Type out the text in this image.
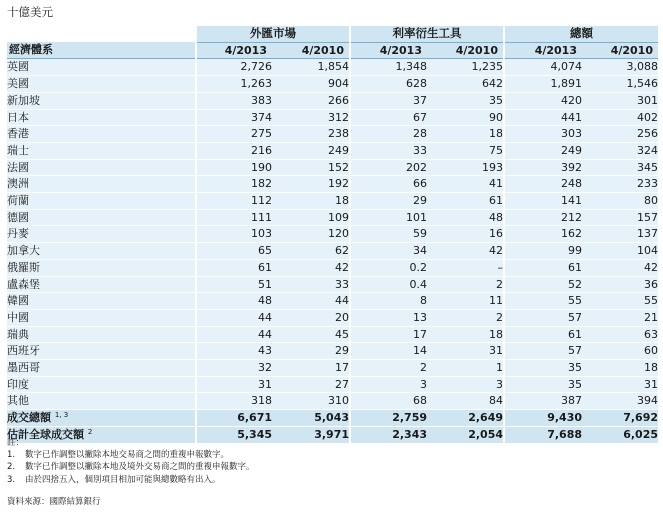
十億美元
	外匯市場		利率衍生工具		總額	
經濟體系	4/2013	4/2010	4/2013	4/2010	4/2013	4/2010
英國	2,726	1,854	1,348	1,235	4,074	3,088
美國	1,263	904	628	642	1,891	1,546
新加坡	383	266	37	35	420	301
日本	374	312	67	90	441	402
香港	275	238	28	18	303	256
瑞士	216	249	33	75	249	324
法國	190	152	202	193	392	345
澳洲	182	192	66	41	248	233
荷蘭	112	18	29	61	141	80
德國	111	109	101	48	212	157
丹麥	103	120	59	16	162	137
加拿大	65	62	34	42	99	104
俄羅斯	61	42	0.2	–	61	42
盧森堡	51	33	0.4	2	52	36
韓國	48	44	8	11	55	55
中國	44	20	13	2	57	21
瑞典	44	45	17	18	61	63
西班牙	43	29	14	31	57	60
墨西哥	32	17	2	1	35	18
印度	31	27	3	3	35	31
其他	318	310	68	84	387	394
成交總額 $^{1, 3}$	6,671	5,043	2,759	2,649	9,430	7,692
估計全球成交額 $^2$	5,345	3,971	2,343	2,054	7,688	6,025
註：
1.	數字已作調整以撇除本地交易商之間的重複申報數字。
2.	數字已作調整以撇除本地及境外交易商之間的重複申報數字。
3.	由於四捨五入，個別項目相加可能與總數略有出入。
資料來源：國際結算銀行
